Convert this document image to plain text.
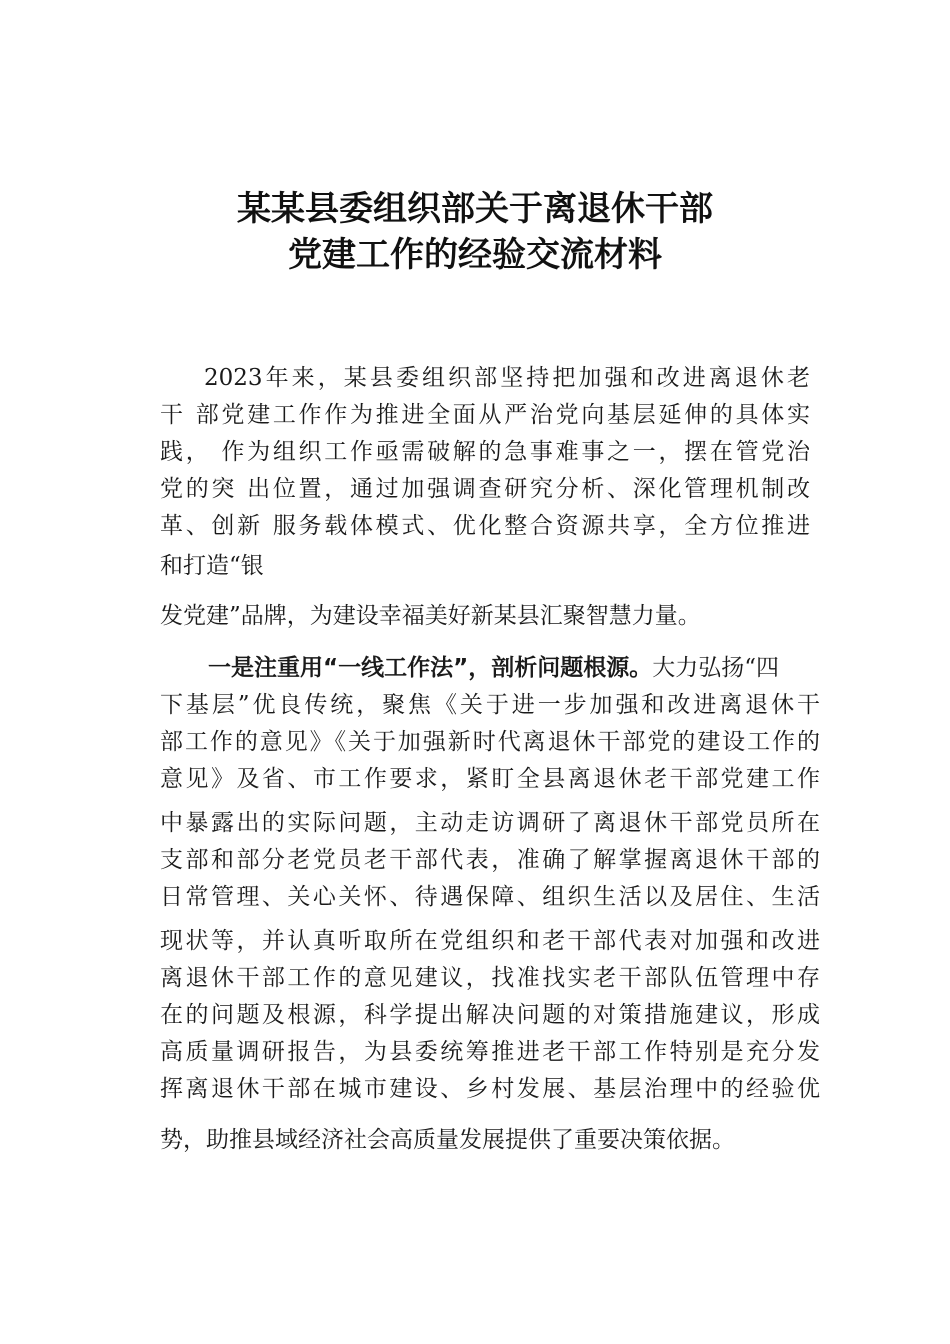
某某县委组织部关于离退休干部
党建工作的经验交流材料
2023年来，某县委组织部坚持把加强和改进离退休老
干 部党建工作作为推进全面从严治党向基层延伸的具体实
践， 作为组织工作亟需破解的急事难事之一，摆在管党治
党的突 出位置，通过加强调查研究分析、深化管理机制改
革、创新 服务载体模式、优化整合资源共享，全方位推进
和打造“银
发党建”品牌，为建设幸福美好新某县汇聚智慧力量。
一是注重用“一线工作法”，剖析问题根源。大力弘扬“四
下基层”优良传统，聚焦《关于进一步加强和改进离退休干
部工作的意见》《关于加强新时代离退休干部党的建设工作的
意见》及省、市工作要求，紧盯全县离退休老干部党建工作
中暴露出的实际问题，主动走访调研了离退休干部党员所在
支部和部分老党员老干部代表，准确了解掌握离退休干部的
日常管理、关心关怀、待遇保障、组织生活以及居住、生活
现状等，并认真听取所在党组织和老干部代表对加强和改进
离退休干部工作的意见建议，找准找实老干部队伍管理中存
在的问题及根源，科学提出解决问题的对策措施建议，形成
高质量调研报告，为县委统筹推进老干部工作特别是充分发
挥离退休干部在城市建设、乡村发展、基层治理中的经验优
势，助推县域经济社会高质量发展提供了重要决策依据。
